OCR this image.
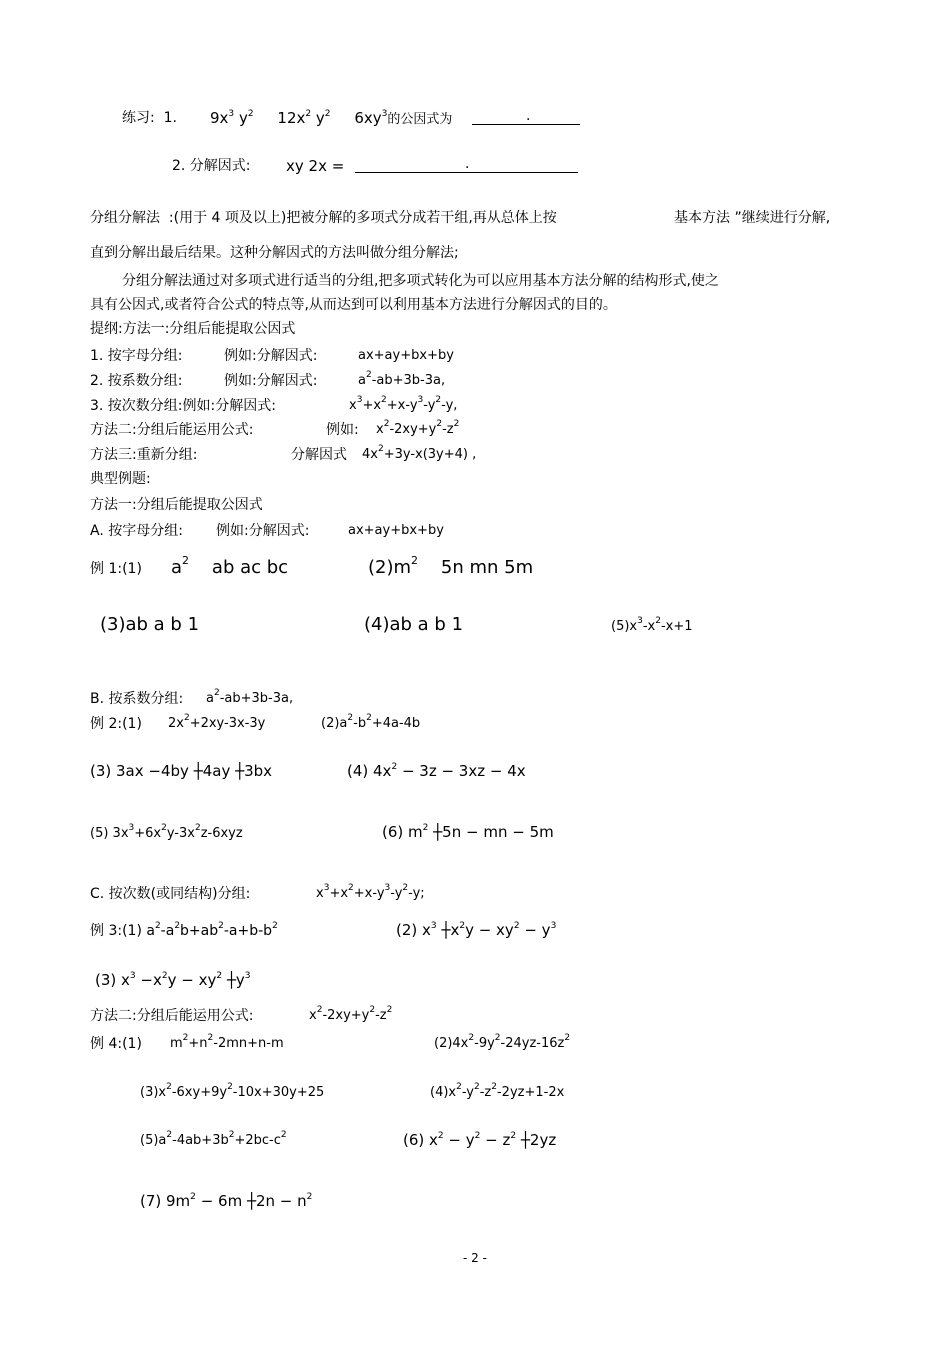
练习: 1. $9x^3$ $y^2$ $12x^2$ $y^2$ $6xy^3$的公因式为	.
2. 分解因式: xy 2x =	.
分组分解法 :(用于 4 项及以上)把被分解的多项式分成若干组,再从总体上按	基本方法 ”继续进行分解,
直到分解出最后结果。这种分解因式的方法叫做分组分解法;
分组分解法通过对多项式进行适当的分组,把多项式转化为可以应用基本方法分解的结构形式,使之
具有公因式,或者符合公式的特点等,从而达到可以利用基本方法进行分解因式的目的。
提纲:方法一:分组后能提取公因式
1. 按字母分组:	例如:分解因式:	ax+ay+bx+by
2. 按系数分组:	例如:分解因式:	$a^2-ab+3b-3a$,
3. 按次数分组:例如:分解因式:	$x^3+x^2+x-y^3-y^2-y$,
方法二:分组后能运用公式:	例如: $x^2-2xy+y^2-z^2$
方法三:重新分组:	分解因式 $4x^2+3y-x(3y+4)$ ,
典型例题:
方法一:分组后能提取公因式
A. 按字母分组: 例如:分解因式:	ax+ay+bx+by
例 1:(1) $a^2$ ab ac bc	$(2)m^2$ 5n mn 5m
(3)ab a b 1	(4)ab a b 1	$(5)x^3-x^2-x+1$
B. 按系数分组: $a^2-ab+3b-3a$,
例 2:(1) $2x^2+2xy-3x-3y$	$(2)a^2-b^2+4a-4b$
(3) 3ax −4by ┼4ay ┼3bx	(4) $4x^2 - 3z - 3xz - 4x$
(5) $3x^3+6x^2y-3x^2z-6xyz$	(6) $m^2$ ┼5n − mn − 5m
C. 按次数(或同结构)分组:	$x^3+x^2+x-y^3-y^2-y$;
例 3:(1) $a^2-a^2b+ab^2-a+b-b^2$	(2) $x^3$ $┼x^2y - xy^2 - y^3$
(3) $x^3 -x^2y - xy^2$ $┼y^3$
方法二:分组后能运用公式:	$x^2-2xy+y^2-z^2$
例 4:(1) $m^2+n^2-2mn+n-m$	$(2)4x^2-9y^2-24yz-16z^2$
$(3)x^2-6xy+9y^2-10x+30y+25$	$(4)x^2-y^2-z^2-2yz+1-2x$
$(5)a^2-4ab+3b^2+2bc-c^2$	(6) $x^2 - y^2 - z^2$ ┼2yz
(7) $9m^2 - 6m$ ┼2n − $n^2$
- 2 -
